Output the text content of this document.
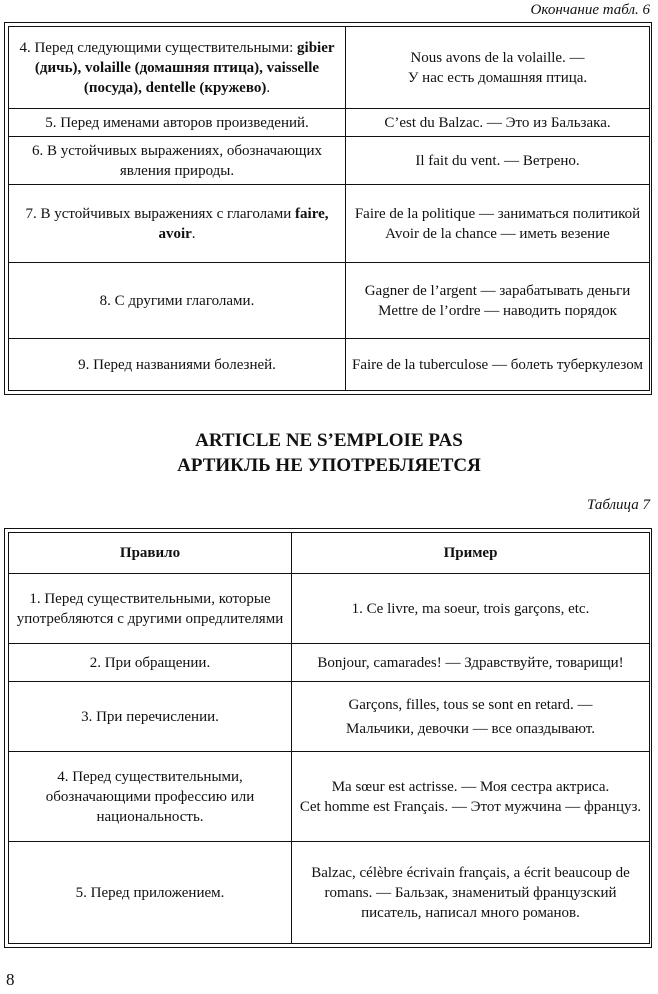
Окончание табл. 6
4. Перед следующими существительными: gibier (дичь), volaille (домашняя птица), vaisselle (посуда), dentelle (кружево).	Nous avons de la volaille. —
У нас есть домашняя птица.

5. Перед именами авторов произведений.	C’est du Balzac. — Это из Бальзака.

6. В устойчивых выражениях, обозначающих явления природы.	Il fait du vent. — Ветрено.

7. В устойчивых выражениях с глаголами faire, avoir.	Faire de la politique — заниматься политикой
Avoir de la chance — иметь везение

8. С другими глаголами.	Gagner de l’argent — зарабатывать деньги
Mettre de l’ordre — наводить порядок

9. Перед названиями болезней.	Faire de la tuberculose — болеть туберкулезом
ARTICLE NE S’EMPLOIE PAS
АРТИКЛЬ НЕ УПОТРЕБЛЯЕТСЯ
Таблица 7
Правило	Пример
1. Перед существительными, которые употребляются с другими опредлителями	1. Ce livre, ma soeur, trois garçons, etc.

2. При обращении.	Bonjour, camarades! — Здравствуйте, товарищи!

3. При перечислении.	Garçons, filles, tous se sont en retard. —
Мальчики, девочки — все опаздывают.

4. Перед существительными, обозначающими профессию или национальность.	Ma sœur est actrisse. — Моя сестра актриса.
Cet homme est Français. — Этот мужчина — француз.

5. Перед приложением.	Balzac, célèbre écrivain français, a écrit beaucoup de romans. — Бальзак, знаменитый французский писатель, написал много романов.
8
